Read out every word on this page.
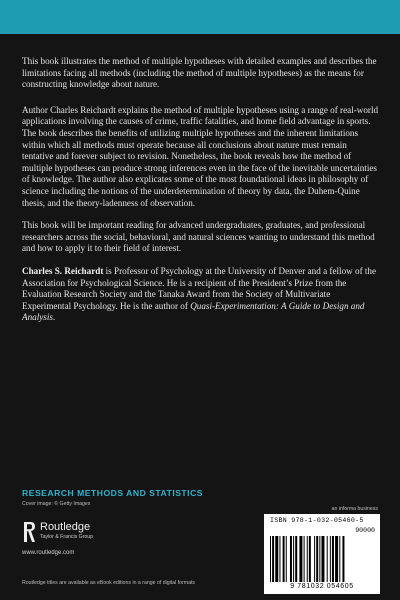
This book illustrates the method of multiple hypotheses with detailed examples and describes the limitations facing all methods (including the method of multiple hypotheses) as the means for constructing knowledge about nature.

Author Charles Reichardt explains the method of multiple hypotheses using a range of real-world applications involving the causes of crime, traffic fatalities, and home field advantage in sports. The book describes the benefits of utilizing multiple hypotheses and the inherent limitations within which all methods must operate because all conclusions about nature must remain tentative and forever subject to revision. Nonetheless, the book reveals how the method of multiple hypotheses can produce strong inferences even in the face of the inevitable uncertainties of knowledge. The author also explicates some of the most foundational ideas in philosophy of science including the notions of the underdetermination of theory by data, the Duhem-Quine thesis, and the theory-ladenness of observation.

This book will be important reading for advanced undergraduates, graduates, and professional researchers across the social, behavioral, and natural sciences wanting to understand this method and how to apply it to their field of interest.

Charles S. Reichardt is Professor of Psychology at the University of Denver and a fellow of the Association for Psychological Science. He is a recipient of the President’s Prize from the Evaluation Research Society and the Tanaka Award from the Society of Multivariate Experimental Psychology. He is the author of Quasi-Experimentation: A Guide to Design and Analysis.

RESEARCH METHODS AND STATISTICS
Cover image: © Getty Images
an informa business
Routledge
Taylor & Francis Group
www.routledge.com
Routledge titles are available as eBook editions in a range of digital formats
ISBN 978-1-032-05460-5
90000
9 781032 054605
